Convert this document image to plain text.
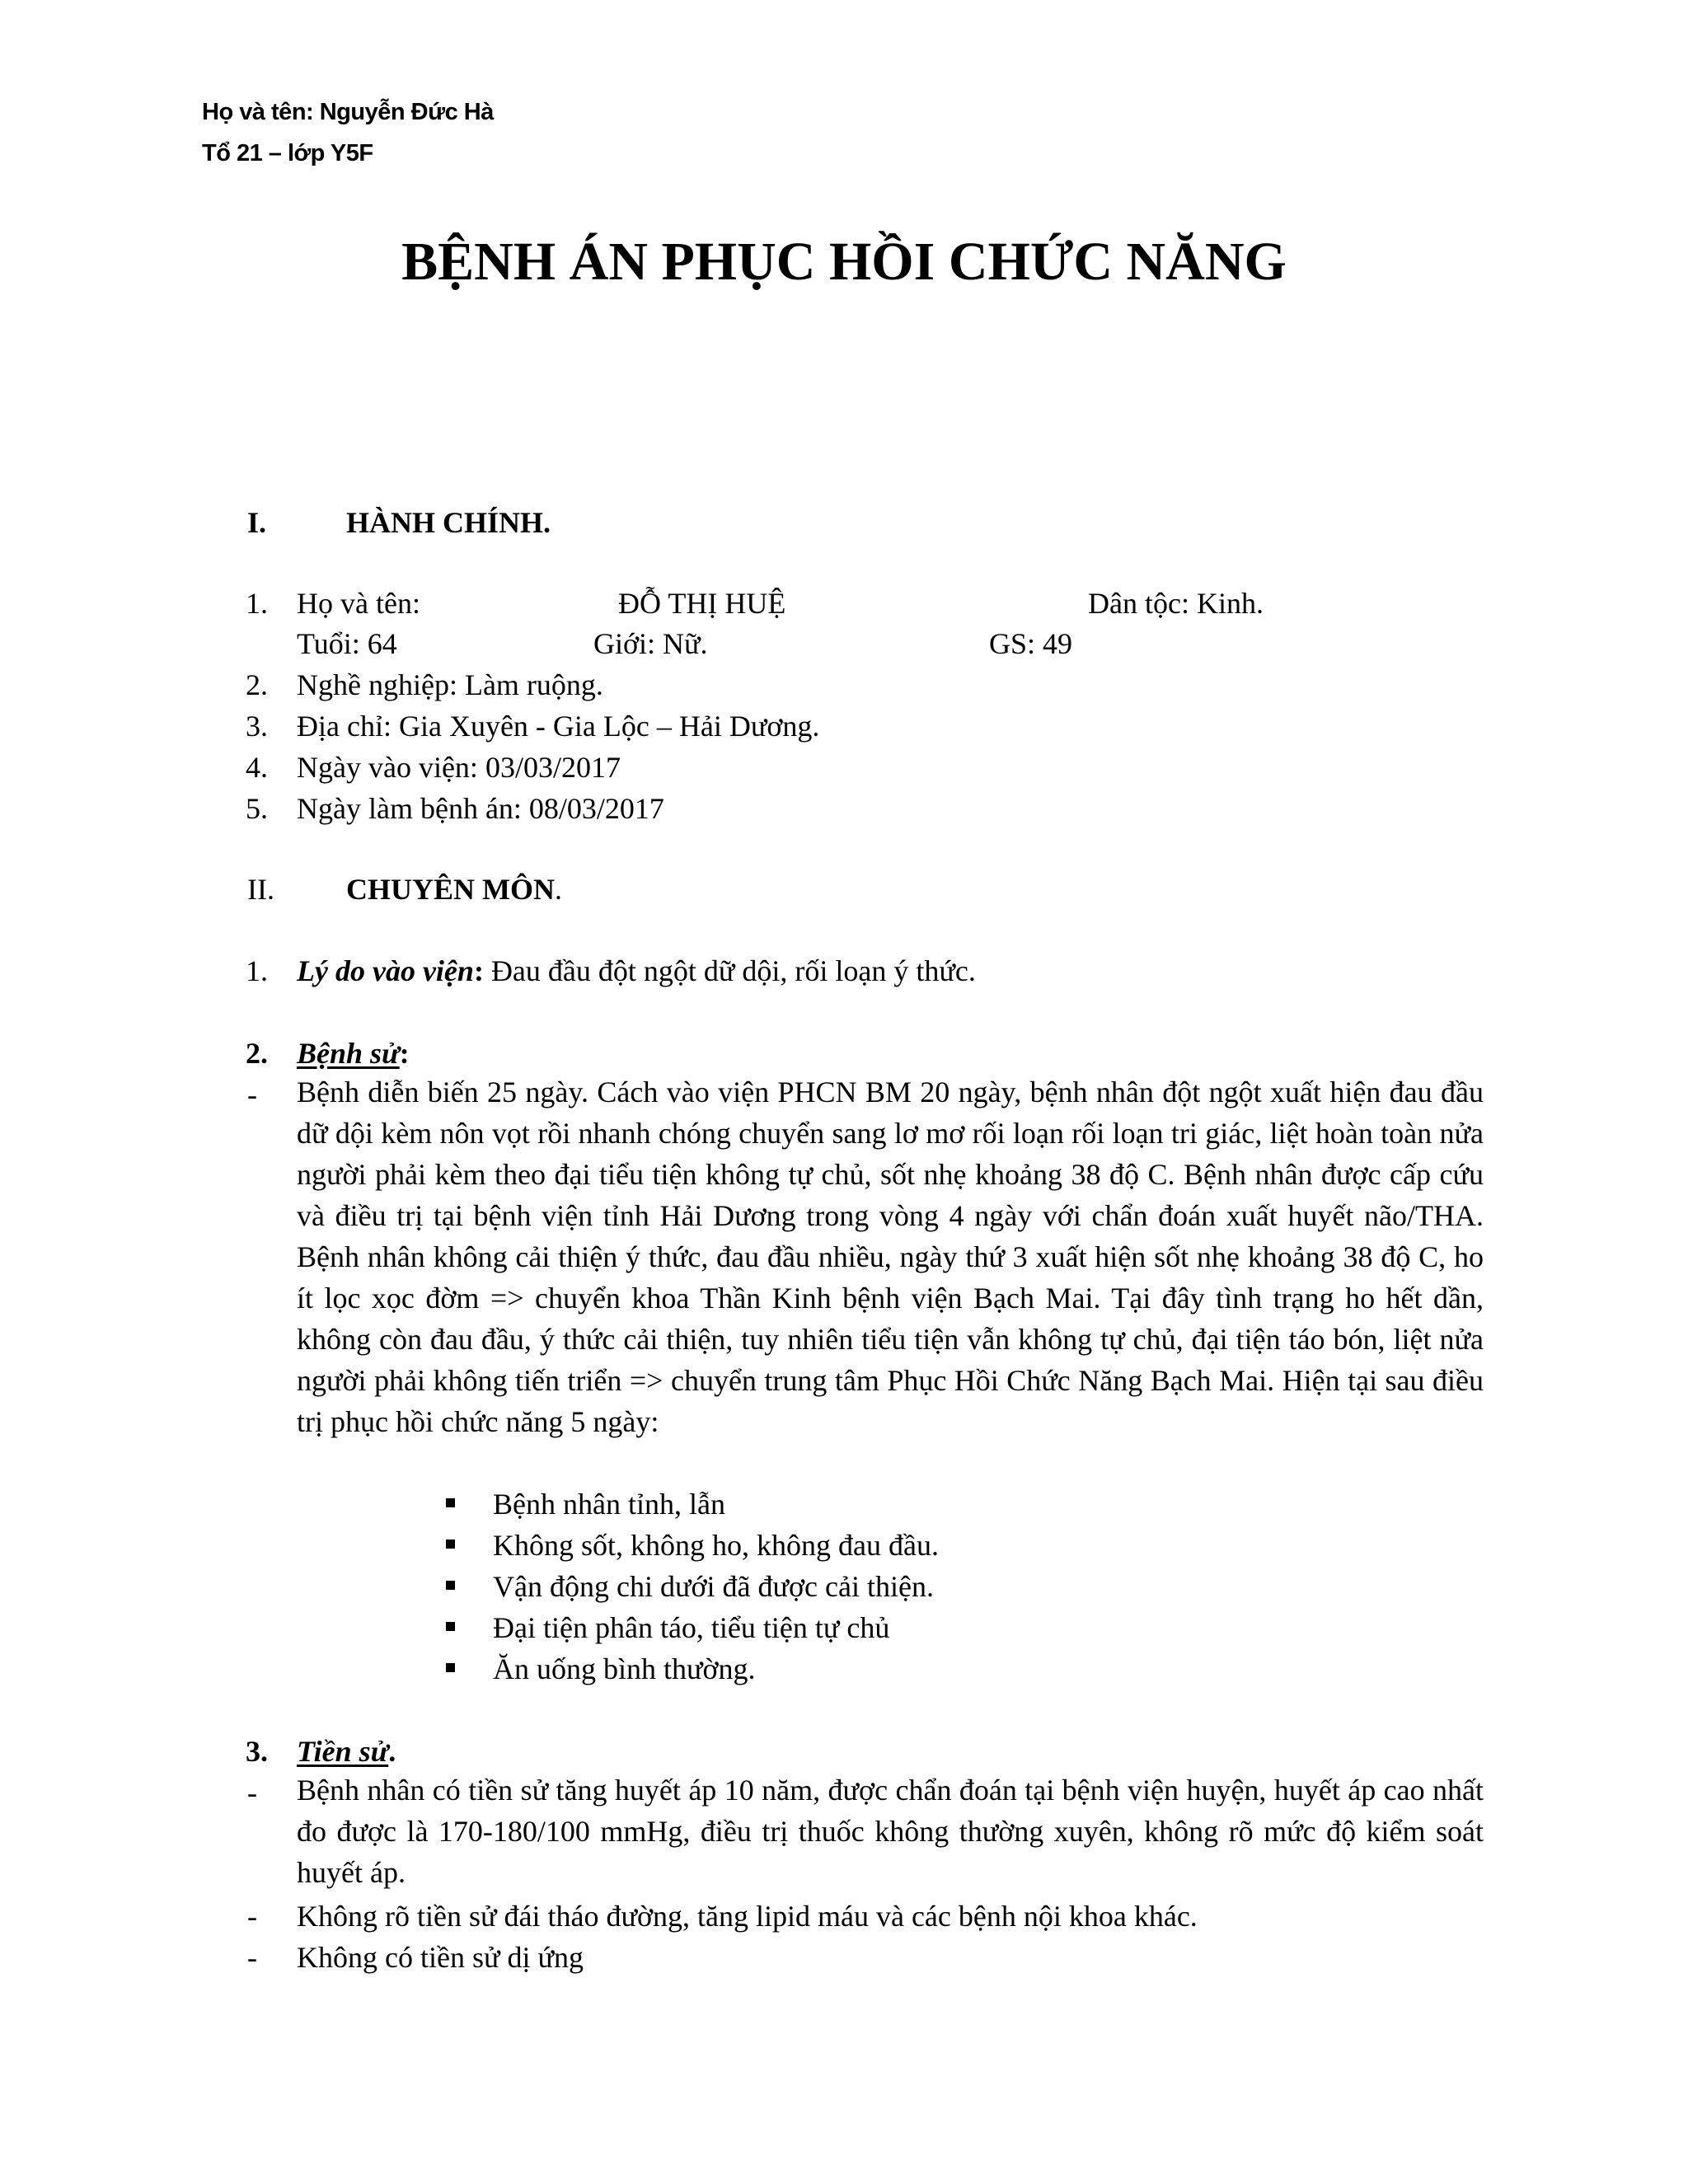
Họ và tên: Nguyễn Đức Hà
Tổ 21 – lớp Y5F
BỆNH ÁN PHỤC HỒI CHỨC NĂNG
I.	HÀNH CHÍNH.
1. Họ và tên:	ĐỖ THỊ HUỆ	Dân tộc: Kinh.
Tuổi: 64	Giới: Nữ.	GS: 49
2. Nghề nghiệp: Làm ruộng.
3. Địa chỉ: Gia Xuyên - Gia Lộc – Hải Dương.
4. Ngày vào viện: 03/03/2017
5. Ngày làm bệnh án: 08/03/2017
II. CHUYÊN MÔN.
1. Lý do vào viện: Đau đầu đột ngột dữ dội, rối loạn ý thức.
2. Bệnh sử:
- Bệnh diễn biến 25 ngày. Cách vào viện PHCN BM 20 ngày, bệnh nhân đột ngột xuất hiện đau đầu dữ dội kèm nôn vọt rồi nhanh chóng chuyển sang lơ mơ rối loạn rối loạn tri giác, liệt hoàn toàn nửa người phải kèm theo đại tiểu tiện không tự chủ, sốt nhẹ khoảng 38 độ C. Bệnh nhân được cấp cứu và điều trị tại bệnh viện tỉnh Hải Dương trong vòng 4 ngày với chẩn đoán xuất huyết não/THA. Bệnh nhân không cải thiện ý thức, đau đầu nhiều, ngày thứ 3 xuất hiện sốt nhẹ khoảng 38 độ C, ho ít lọc xọc đờm => chuyển khoa Thần Kinh bệnh viện Bạch Mai. Tại đây tình trạng ho hết dần, không còn đau đầu, ý thức cải thiện, tuy nhiên tiểu tiện vẫn không tự chủ, đại tiện táo bón, liệt nửa người phải không tiến triển => chuyển trung tâm Phục Hồi Chức Năng Bạch Mai. Hiện tại sau điều trị phục hồi chức năng 5 ngày:
Bệnh nhân tỉnh, lẫn
Không sốt, không ho, không đau đầu.
Vận động chi dưới đã được cải thiện.
Đại tiện phân táo, tiểu tiện tự chủ
Ăn uống bình thường.
3. Tiền sử.
- Bệnh nhân có tiền sử tăng huyết áp 10 năm, được chẩn đoán tại bệnh viện huyện, huyết áp cao nhất đo được là 170-180/100 mmHg, điều trị thuốc không thường xuyên, không rõ mức độ kiểm soát huyết áp.
- Không rõ tiền sử đái tháo đường, tăng lipid máu và các bệnh nội khoa khác.
- Không có tiền sử dị ứng
